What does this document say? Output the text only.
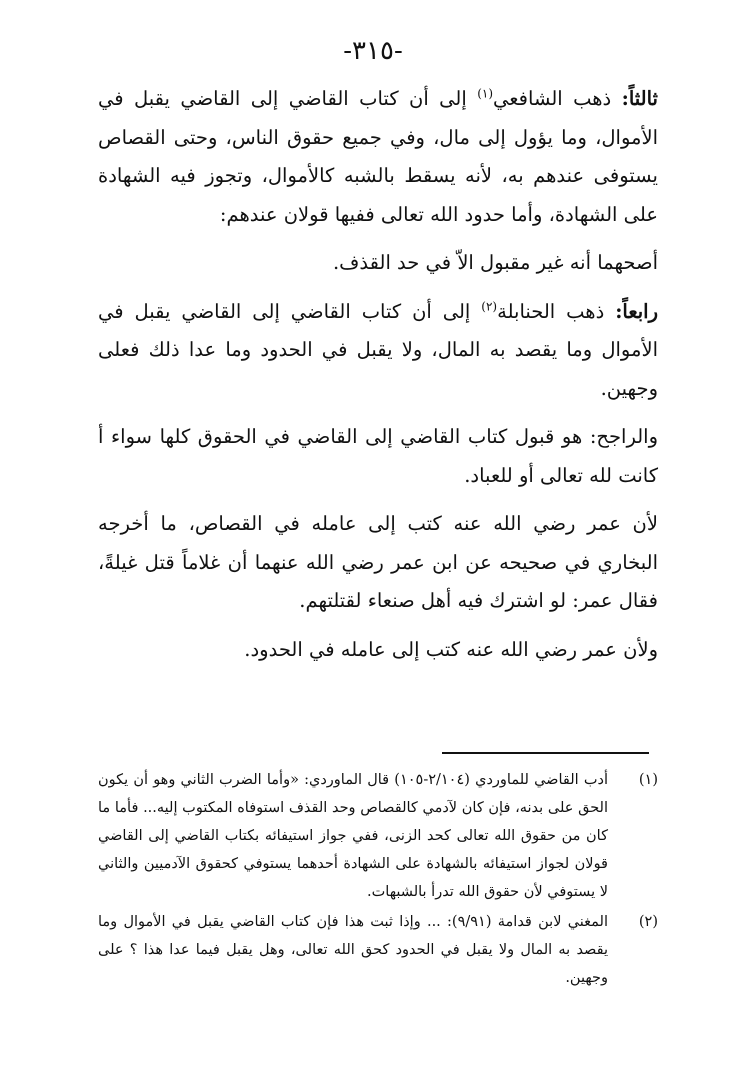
-٣١٥-

ثالثاً: ذهب الشافعي$^{(١)}$ إلى أن كتاب القاضي إلى القاضي يقبل في الأموال، وما يؤول إلى مال، وفي جميع حقوق الناس، وحتى القصاص يستوفى عندهم به، لأنه يسقط بالشبه كالأموال، وتجوز فيه الشهادة على الشهادة، وأما حدود الله تعالى ففيها قولان عندهم:

أصحهما أنه غير مقبول الاّ في حد القذف.

رابعاً: ذهب الحنابلة$^{(٢)}$ إلى أن كتاب القاضي إلى القاضي يقبل في الأموال وما يقصد به المال، ولا يقبل في الحدود وما عدا ذلك فعلى وجهين.

والراجح: هو قبول كتاب القاضي إلى القاضي في الحقوق كلها سواء أ كانت لله تعالى أو للعباد.

لأن عمر رضي الله عنه كتب إلى عامله في القصاص، ما أخرجه البخاري في صحيحه عن ابن عمر رضي الله عنهما أن غلاماً قتل غيلةً، فقال عمر: لو اشترك فيه أهل صنعاء لقتلتهم.

ولأن عمر رضي الله عنه كتب إلى عامله في الحدود.

(١)
أدب القاضي للماوردي (٢/١٠٤-١٠٥) قال الماوردي: «وأما الضرب الثاني وهو أن يكون الحق على بدنه، فإن كان لآدمي كالقصاص وحد القذف استوفاه المكتوب إليه... فأما ما كان من حقوق الله تعالى كحد الزنى، ففي جواز استيفائه بكتاب القاضي إلى القاضي قولان لجواز استيفائه بالشهادة على الشهادة أحدهما يستوفي كحقوق الآدميين والثاني لا يستوفي لأن حقوق الله تدرأ بالشبهات.

(٢)
المغني لابن قدامة (٩/٩١): ... وإذا ثبت هذا فإن كتاب القاضي يقبل في الأموال وما يقصد به المال ولا يقبل في الحدود كحق الله تعالى، وهل يقبل فيما عدا هذا ؟ على وجهين.
